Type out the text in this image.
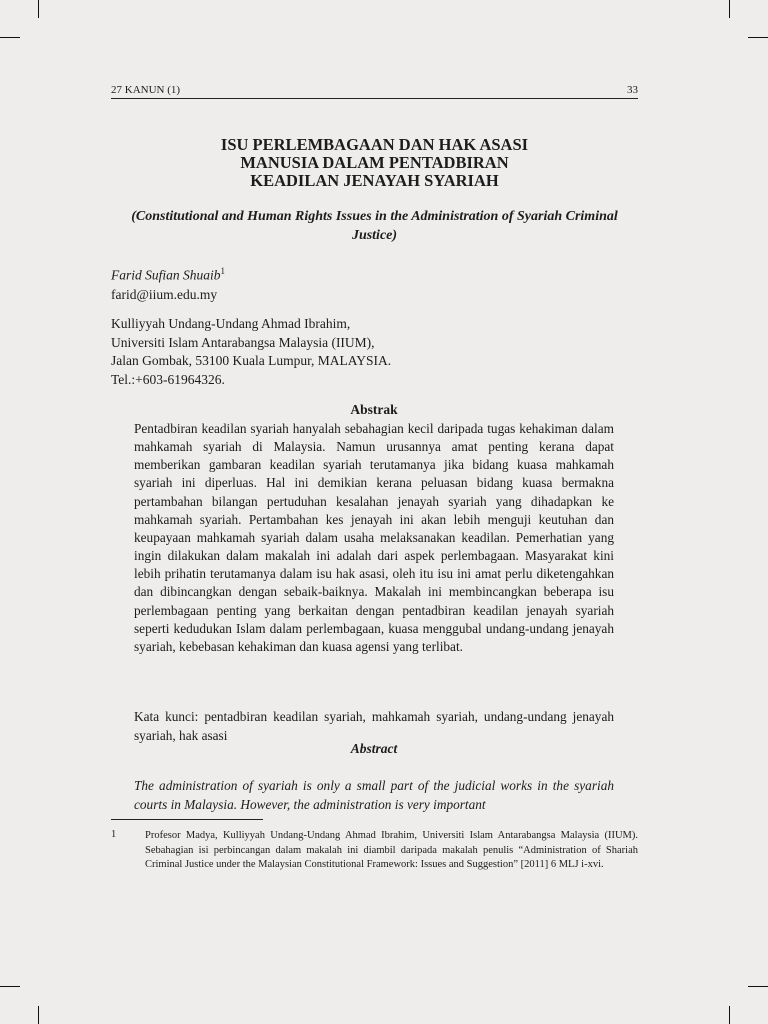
27 KANUN (1)	33
ISU PERLEMBAGAAN DAN HAK ASASI
MANUSIA DALAM PENTADBIRAN
KEADILAN JENAYAH SYARIAH
(Constitutional and Human Rights Issues in the Administration of Syariah Criminal Justice)
Farid Sufian Shuaib$^1$
farid@iium.edu.my
Kulliyyah Undang-Undang Ahmad Ibrahim,
Universiti Islam Antarabangsa Malaysia (IIUM),
Jalan Gombak, 53100 Kuala Lumpur, MALAYSIA.
Tel.:+603-61964326.
Abstrak
Pentadbiran keadilan syariah hanyalah sebahagian kecil daripada tugas kehakiman dalam mahkamah syariah di Malaysia. Namun urusannya amat penting kerana dapat memberikan gambaran keadilan syariah terutamanya jika bidang kuasa mahkamah syariah ini diperluas. Hal ini demikian kerana peluasan bidang kuasa bermakna pertambahan bilangan pertuduhan kesalahan jenayah syariah yang dihadapkan ke mahkamah syariah. Pertambahan kes jenayah ini akan lebih menguji keutuhan dan keupayaan mahkamah syariah dalam usaha melaksanakan keadilan. Pemerhatian yang ingin dilakukan dalam makalah ini adalah dari aspek perlembagaan. Masyarakat kini lebih prihatin terutamanya dalam isu hak asasi, oleh itu isu ini amat perlu diketengahkan dan dibincangkan dengan sebaik-baiknya. Makalah ini membincangkan beberapa isu perlembagaan penting yang berkaitan dengan pentadbiran keadilan jenayah syariah seperti kedudukan Islam dalam perlembagaan, kuasa menggubal undang-undang jenayah syariah, kebebasan kehakiman dan kuasa agensi yang terlibat.
Kata kunci: pentadbiran keadilan syariah, mahkamah syariah, undang-undang jenayah syariah, hak asasi
Abstract
The administration of syariah is only a small part of the judicial works in the syariah courts in Malaysia. However, the administration is very important
1	Profesor Madya, Kulliyyah Undang-Undang Ahmad Ibrahim, Universiti Islam Antarabangsa Malaysia (IIUM). Sebahagian isi perbincangan dalam makalah ini diambil daripada makalah penulis “Administration of Shariah Criminal Justice under the Malaysian Constitutional Framework: Issues and Suggestion” [2011] 6 MLJ i-xvi.
